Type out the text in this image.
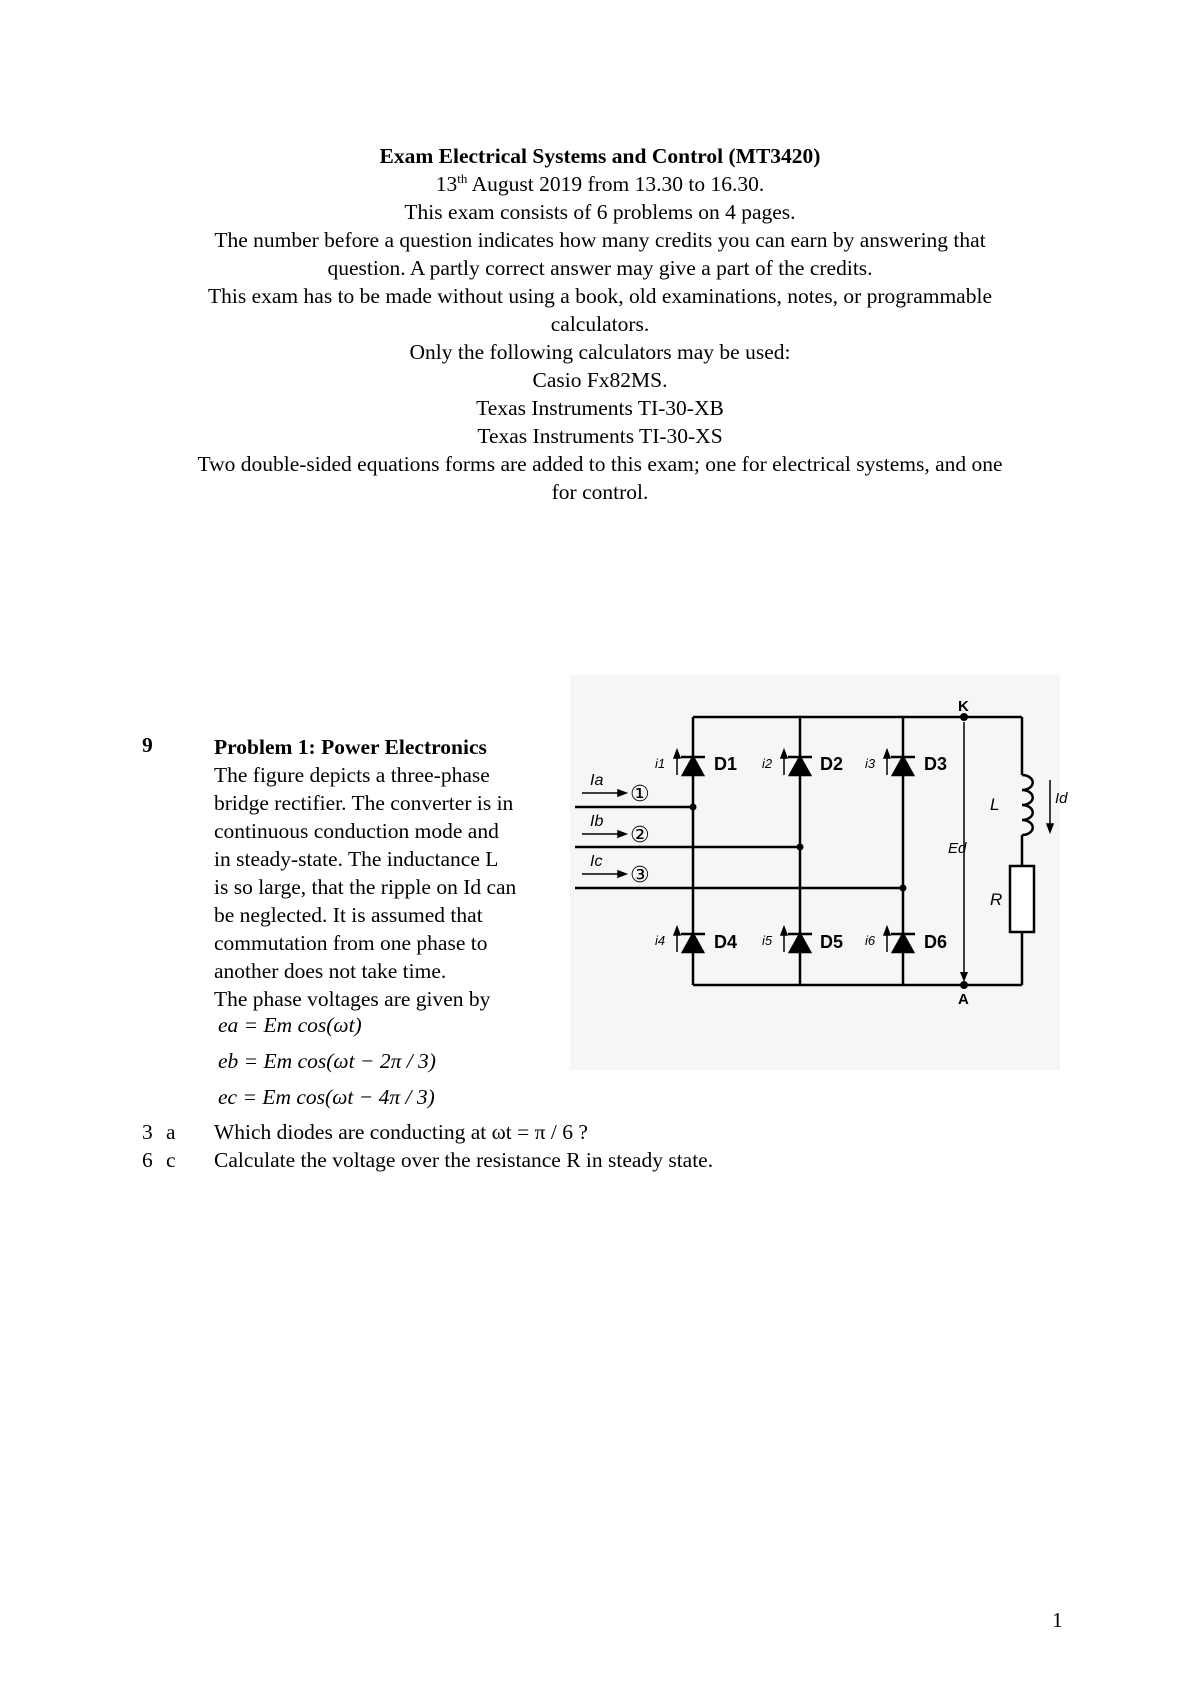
Exam Electrical Systems and Control (MT3420)
13th August 2019 from 13.30 to 16.30.
This exam consists of 6 problems on 4 pages.
The number before a question indicates how many credits you can earn by answering that
question. A partly correct answer may give a part of the credits.
This exam has to be made without using a book, old examinations, notes, or programmable
calculators.
Only the following calculators may be used:
Casio Fx82MS.
Texas Instruments TI-30-XB
Texas Instruments TI-30-XS
Two double-sided equations forms are added to this exam; one for electrical systems, and one
for control.
9	Problem 1: Power Electronics
The figure depicts a three-phase
bridge rectifier. The converter is in
continuous conduction mode and
in steady-state. The inductance L
is so large, that the ripple on Id can
be neglected. It is assumed that
commutation from one phase to
another does not take time.
The phase voltages are given by
ea = Em cos(ωt)
eb = Em cos(ωt − 2π / 3)
ec = Em cos(ωt − 4π / 3)
3 a Which diodes are conducting at ωt = π / 6 ?
6 c Calculate the voltage over the resistance R in steady state.
D1	D2	D3
D4	D5	D6
i1	i2	i3
i4	i5	i6
Ia
Ib
Ic
①
②
③
K
A
L
R
Id
Ed
1
